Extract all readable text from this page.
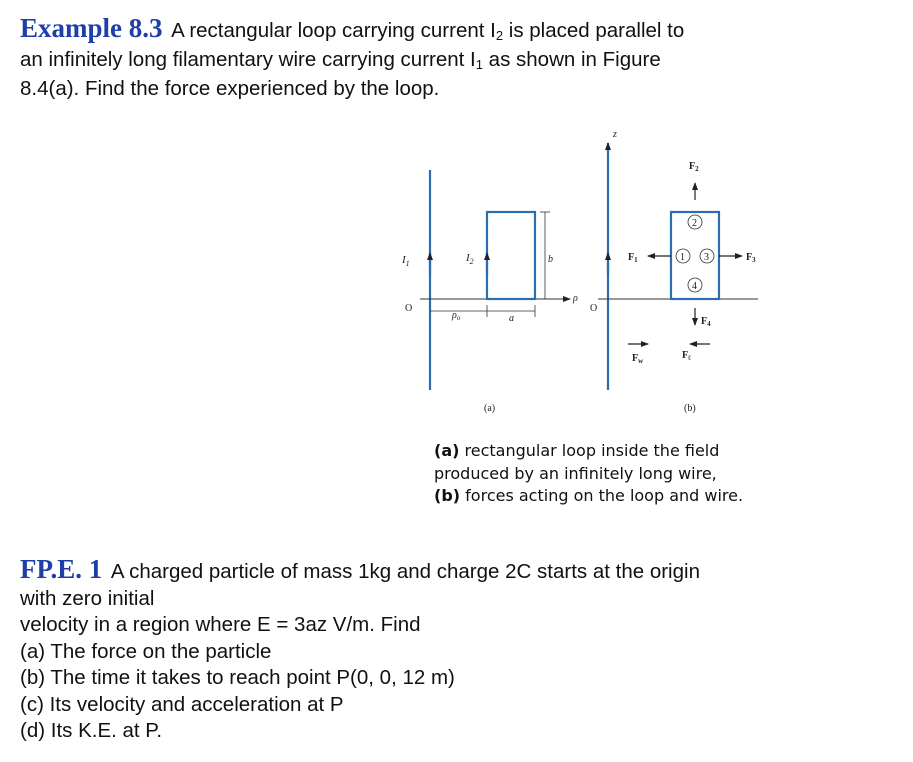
Example 8.3 A rectangular loop carrying current $I_2$ is placed parallel to
an infinitely long filamentary wire carrying current $I_1$ as shown in Figure
8.4(a). Find the force experienced by the loop.
$I_1$	$I_2$	b
O
$\rho_o$	a
ρ
(a)
2
1 3
4
z
O
$F_2$
$F_1$	$F_3$
$F_4$
$F_w$	$F_\ell$
(b)
(a) rectangular loop inside the field
produced by an infinitely long wire,
(b) forces acting on the loop and wire.
FP.E. 1 A charged particle of mass 1kg and charge 2C starts at the origin
with zero initial
velocity in a region where E = 3az V/m. Find
(a) The force on the particle
(b) The time it takes to reach point P(0, 0, 12 m)
(c) Its velocity and acceleration at P
(d) Its K.E. at P.
